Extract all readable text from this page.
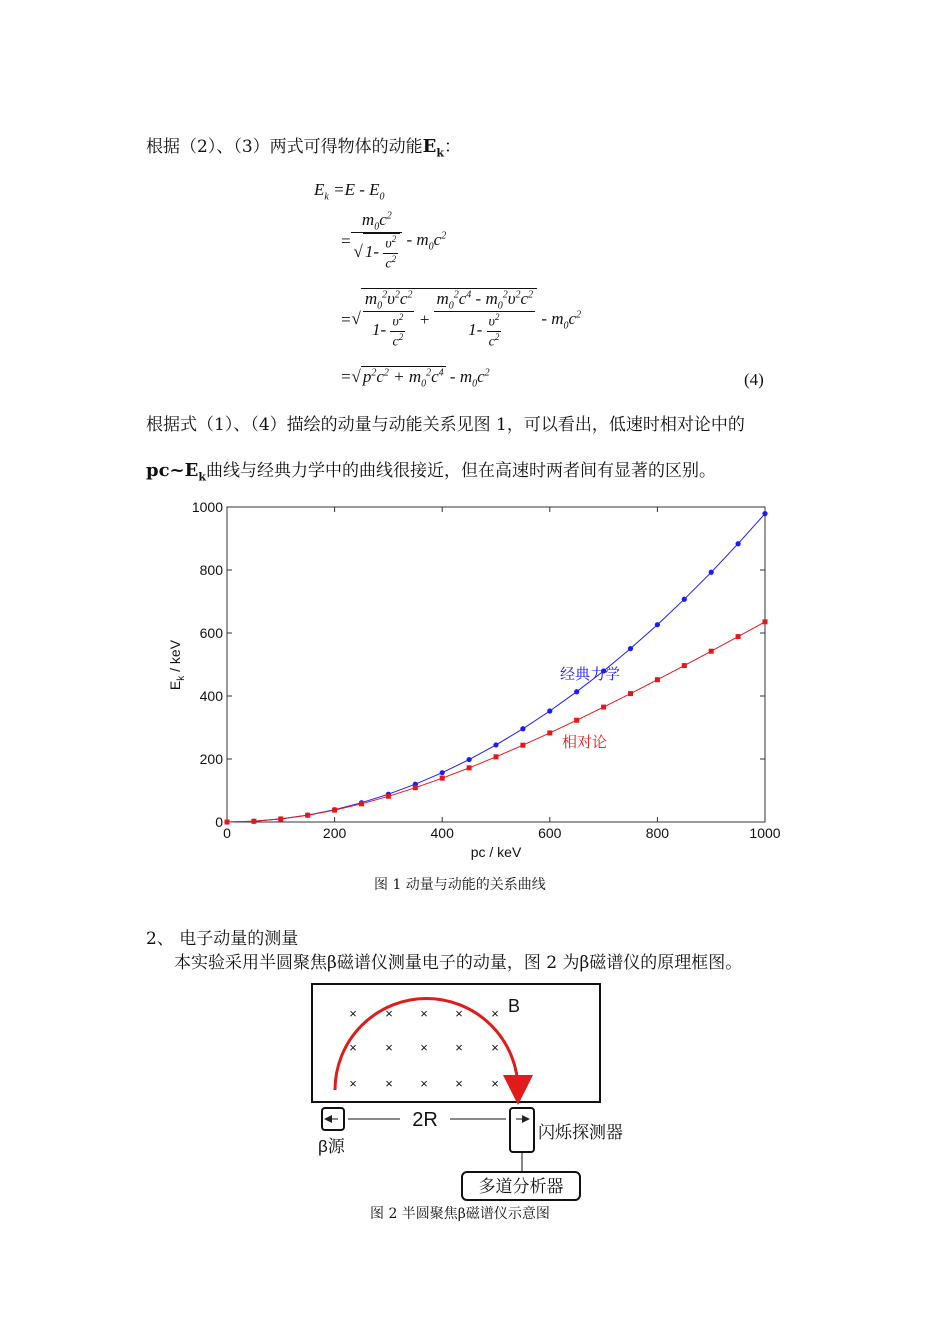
根据（2）、（3）两式可得物体的动能$E_k$：
$E_k =E - E_0$
= $\frac{m_0c^2}{√ 1- \frac{\upsilon^2}{c^2}} - m_0c^2$
=√ $\frac{m_0^2\upsilon^2c^2}{1- \frac{\upsilon^2}{c^2}} + \frac{m_0^2c^4 - m_0^2\upsilon^2c^2}{1- \frac{\upsilon^2}{c^2}} - m_0c^2$
=√ $p^2c^2 + m_0^2c^4 - m_0c^2$	(4)
根据式（1）、（4）描绘的动量与动能关系见图 1，可以看出，低速时相对论中的
$pc\sim E_k$曲线与经典力学中的曲线很接近，但在高速时两者间有显著的区别。
0	200	400	600	800	1000
0
200
400
600
800
1000
$E_k$ / keV
pc / keV
经典力学
相对论
图 1 动量与动能的关系曲线
2、 电子动量的测量
本实验采用半圆聚焦β磁谱仪测量电子的动量，图 2 为β磁谱仪的原理框图。
× × × × ×
× × × × ×
× × × × ×
B
2R
β源
闪烁探测器
多道分析器
图 2 半圆聚焦β磁谱仪示意图
